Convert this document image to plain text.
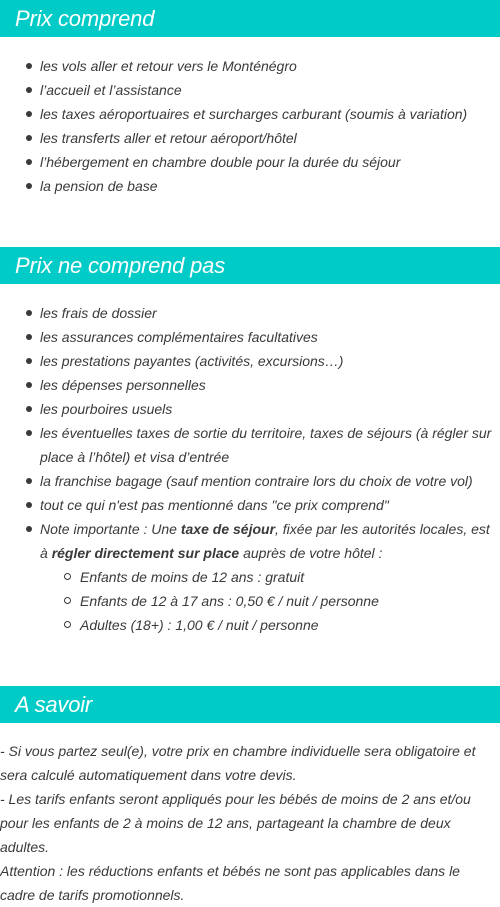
Prix comprend
les vols aller et retour vers le Monténégro
l’accueil et l’assistance
les taxes aéroportuaires et surcharges carburant (soumis à variation)
les transferts aller et retour aéroport/hôtel
l’hébergement en chambre double pour la durée du séjour
la pension de base
Prix ne comprend pas
les frais de dossier
les assurances complémentaires facultatives
les prestations payantes (activités, excursions…)
les dépenses personnelles
les pourboires usuels
les éventuelles taxes de sortie du territoire, taxes de séjours (à régler sur place à l’hôtel) et visa d’entrée
la franchise bagage (sauf mention contraire lors du choix de votre vol)
tout ce qui n'est pas mentionné dans "ce prix comprend"
Note importante : Une taxe de séjour, fixée par les autorités locales, est à régler directement sur place auprès de votre hôtel :
Enfants de moins de 12 ans : gratuit
Enfants de 12 à 17 ans : 0,50 € / nuit / personne
Adultes (18+) : 1,00 € / nuit / personne
A savoir

- Si vous partez seul(e), votre prix en chambre individuelle sera obligatoire et sera calculé automatiquement dans votre devis.

- Les tarifs enfants seront appliqués pour les bébés de moins de 2 ans et/ou pour les enfants de 2 à moins de 12 ans, partageant la chambre de deux adultes.

Attention : les réductions enfants et bébés ne sont pas applicables dans le cadre de tarifs promotionnels.
